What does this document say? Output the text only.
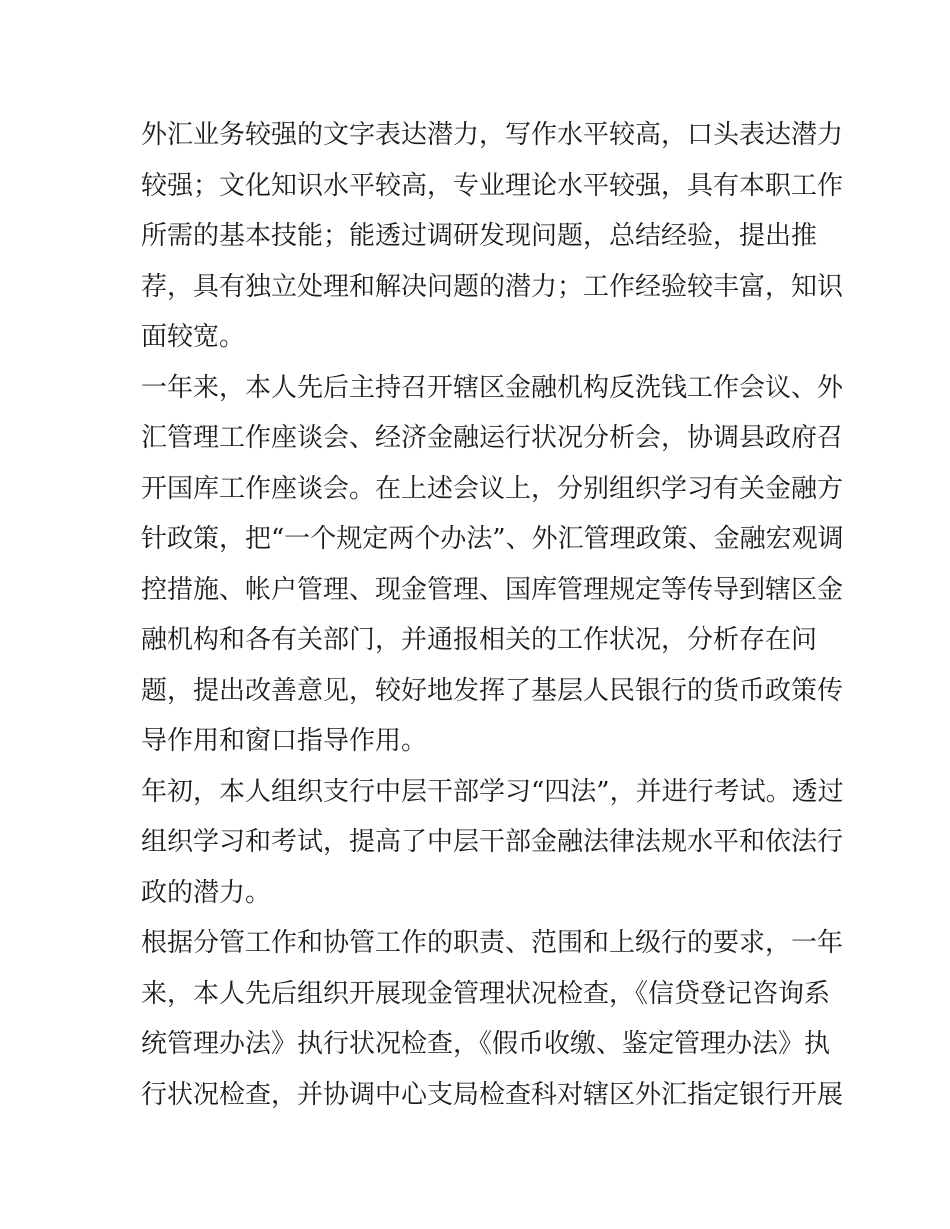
外汇业务较强的文字表达潜力，写作水平较高，口头表达潜力
较强；文化知识水平较高，专业理论水平较强，具有本职工作
所需的基本技能；能透过调研发现问题，总结经验，提出推
荐，具有独立处理和解决问题的潜力；工作经验较丰富，知识
面较宽。
一年来，本人先后主持召开辖区金融机构反洗钱工作会议、外
汇管理工作座谈会、经济金融运行状况分析会，协调县政府召
开国库工作座谈会。在上述会议上，分别组织学习有关金融方
针政策，把“一个规定两个办法”、外汇管理政策、金融宏观调
控措施、帐户管理、现金管理、国库管理规定等传导到辖区金
融机构和各有关部门，并通报相关的工作状况，分析存在问
题，提出改善意见，较好地发挥了基层人民银行的货币政策传
导作用和窗口指导作用。
年初，本人组织支行中层干部学习“四法”，并进行考试。透过
组织学习和考试，提高了中层干部金融法律法规水平和依法行
政的潜力。
根据分管工作和协管工作的职责、范围和上级行的要求，一年
来，本人先后组织开展现金管理状况检查，《信贷登记咨询系
统管理办法》执行状况检查，《假币收缴、鉴定管理办法》执
行状况检查，并协调中心支局检查科对辖区外汇指定银行开展
